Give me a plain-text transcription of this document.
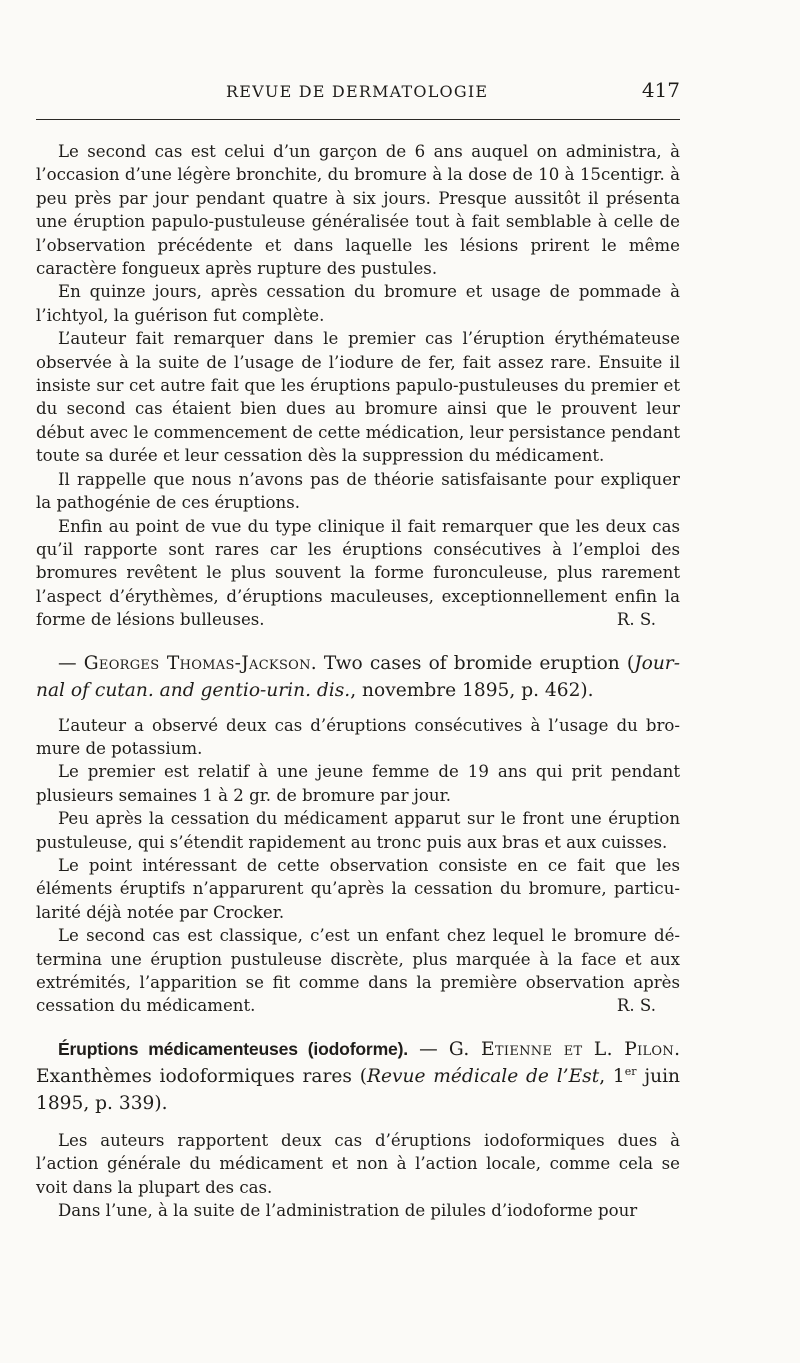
REVUE DE DERMATOLOGIE	417

Le second cas est celui d’un garçon de 6 ans auquel on administra, à l’occasion d’une légère bronchite, du bromure à la dose de 10 à 15centigr. à peu près par jour pendant quatre à six jours. Presque aussitôt il présenta une éruption papulo-pustuleuse généralisée tout à fait semblable à celle de l’observation précédente et dans laquelle les lésions prirent le même caractère fongueux après rupture des pustules.

En quinze jours, après cessation du bromure et usage de pommade à l’ichtyol, la guérison fut complète.

L’auteur fait remarquer dans le premier cas l’éruption érythémateuse observée à la suite de l’usage de l’iodure de fer, fait assez rare. Ensuite il insiste sur cet autre fait que les éruptions papulo-pustuleuses du premier et du second cas étaient bien dues au bromure ainsi que le prouvent leur début avec le commencement de cette médication, leur persistance pendant toute sa durée et leur cessation dès la suppression du médicament.

Il rappelle que nous n’avons pas de théorie satisfaisante pour expliquer la pathogénie de ces éruptions.

Enfin au point de vue du type clinique il fait remarquer que les deux cas qu’il rapporte sont rares car les éruptions consécutives à l’emploi des bromures revêtent le plus souvent la forme furonculeuse, plus rarement l’aspect d’érythèmes, d’éruptions maculeuses, exceptionnellement enfin la forme de lésions bulleuses.	R. S.

— Georges Thomas-Jackson. Two cases of bromide eruption (Journal of cutan. and gentio-urin. dis., novembre 1895, p. 462).

L’auteur a observé deux cas d’éruptions consécutives à l’usage du bromure de potassium.

Le premier est relatif à une jeune femme de 19 ans qui prit pendant plusieurs semaines 1 à 2 gr. de bromure par jour.

Peu après la cessation du médicament apparut sur le front une éruption pustuleuse, qui s’étendit rapidement au tronc puis aux bras et aux cuisses.

Le point intéressant de cette observation consiste en ce fait que les éléments éruptifs n’apparurent qu’après la cessation du bromure, particularité déjà notée par Crocker.

Le second cas est classique, c’est un enfant chez lequel le bromure détermina une éruption pustuleuse discrète, plus marquée à la face et aux extrémités, l’apparition se fit comme dans la première observation après cessation du médicament.	R. S.

Éruptions médicamenteuses (iodoforme). — G. Etienne et L. Pilon. Exanthèmes iodoformiques rares (Revue médicale de l’Est, 1er juin 1895, p. 339).

Les auteurs rapportent deux cas d’éruptions iodoformiques dues à l’action générale du médicament et non à l’action locale, comme cela se voit dans la plupart des cas.

Dans l’une, à la suite de l’administration de pilules d’iodoforme pour
